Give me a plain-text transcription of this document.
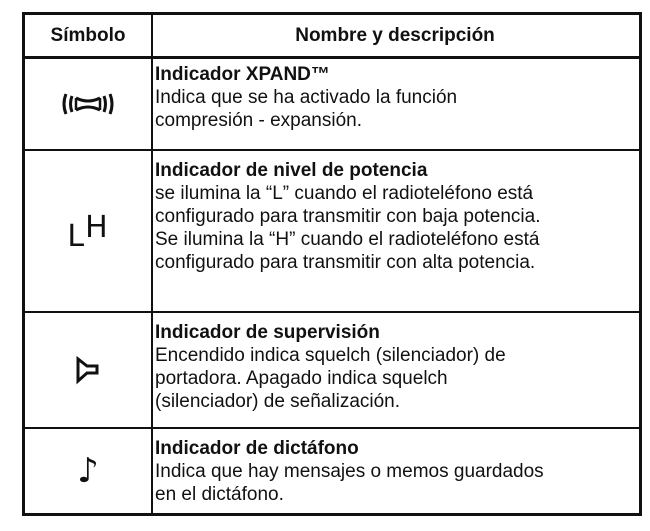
Símbolo	Nombre y descripción
Indicador XPAND™
Indica que se ha activado la función
compresión - expansión.
LH
Indicador de nivel de potencia
se ilumina la “L” cuando el radioteléfono está
configurado para transmitir con baja potencia.
Se ilumina la “H” cuando el radioteléfono está
configurado para transmitir con alta potencia.
Indicador de supervisión
Encendido indica squelch (silenciador) de
portadora. Apagado indica squelch
(silenciador) de señalización.
♪
Indicador de dictáfono
Indica que hay mensajes o memos guardados
en el dictáfono.
